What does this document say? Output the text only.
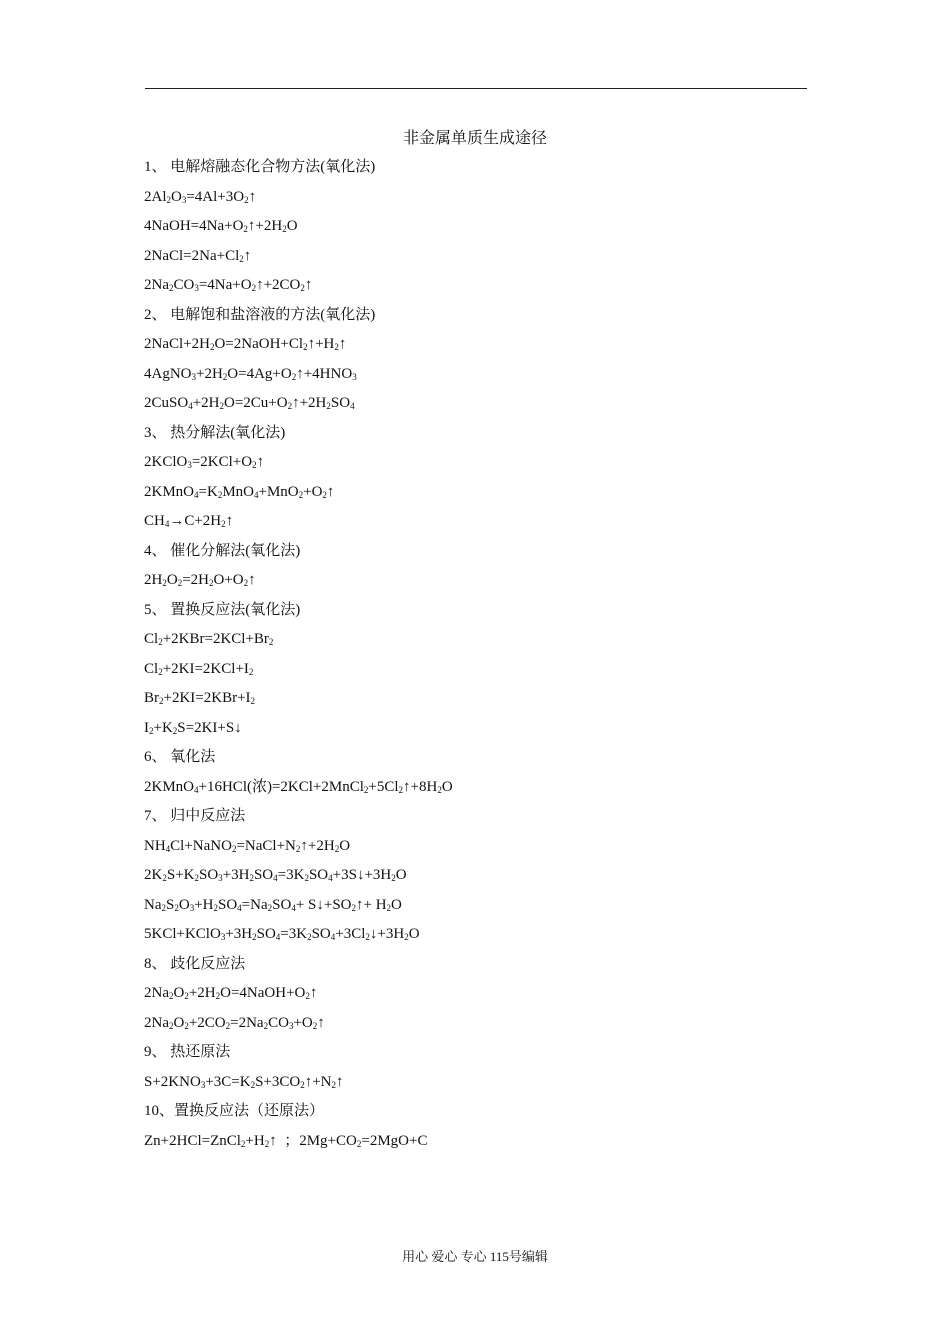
非金属单质生成途径
1、 电解熔融态化合物方法(氧化法)
$2Al_2O_3=4Al+3O_2↑$
$4NaOH=4Na+O_2↑+2H_2O$
$2NaCl=2Na+Cl_2↑$
$2Na_2CO_3=4Na+O_2↑+2CO_2↑$
2、 电解饱和盐溶液的方法(氧化法)
$2NaCl+2H_2O=2NaOH+Cl_2↑+H_2↑$
$4AgNO_3+2H_2O=4Ag+O_2↑+4HNO_3$
$2CuSO_4+2H_2O=2Cu+O_2↑+2H_2SO_4$
3、 热分解法(氧化法)
$2KClO_3=2KCl+O_2↑$
$2KMnO_4=K_2MnO_4+MnO_2+O_2↑$
$CH_4\to C+2H_2↑$
4、 催化分解法(氧化法)
$2H_2O_2=2H_2O+O_2↑$
5、 置换反应法(氧化法)
$Cl_2+2KBr=2KCl+Br_2$
$Cl_2+2KI=2KCl+I_2$
$Br_2+2KI=2KBr+I_2$
$I_2+K_2S=2KI+S↓$
6、 氧化法
2KMnO$_4$+16HCl(浓)$=2KCl+2MnCl_2+5Cl_2↑+8H_2O$
7、 归中反应法
$NH_4Cl+NaNO_2=NaCl+N_2↑+2H_2O$
$2K_2S+K_2SO_3+3H_2SO_4=3K_2SO_4+3S↓+3H_2O$
$Na_2S_2O_3+H_2SO_4=Na_2SO_4+$ $S↓+SO_2↑+ H_2O$
$5KCl+KClO_3+3H_2SO_4=3K_2SO_4+3Cl_2↓+3H_2O$
8、 歧化反应法
$2Na_2O_2+2H_2O=4NaOH+O_2↑$
$2Na_2O_2+2CO_2=2Na_2CO_3+O_2↑$
9、 热还原法
$S+2KNO_3+3C=K_2S+3CO_2↑+N_2↑$
10、置换反应法（还原法）
$Zn+2HCl=ZnCl_2+H_2↑$  ；$2Mg+CO_2=2MgO+C$
用心 爱心 专心 115号编辑
